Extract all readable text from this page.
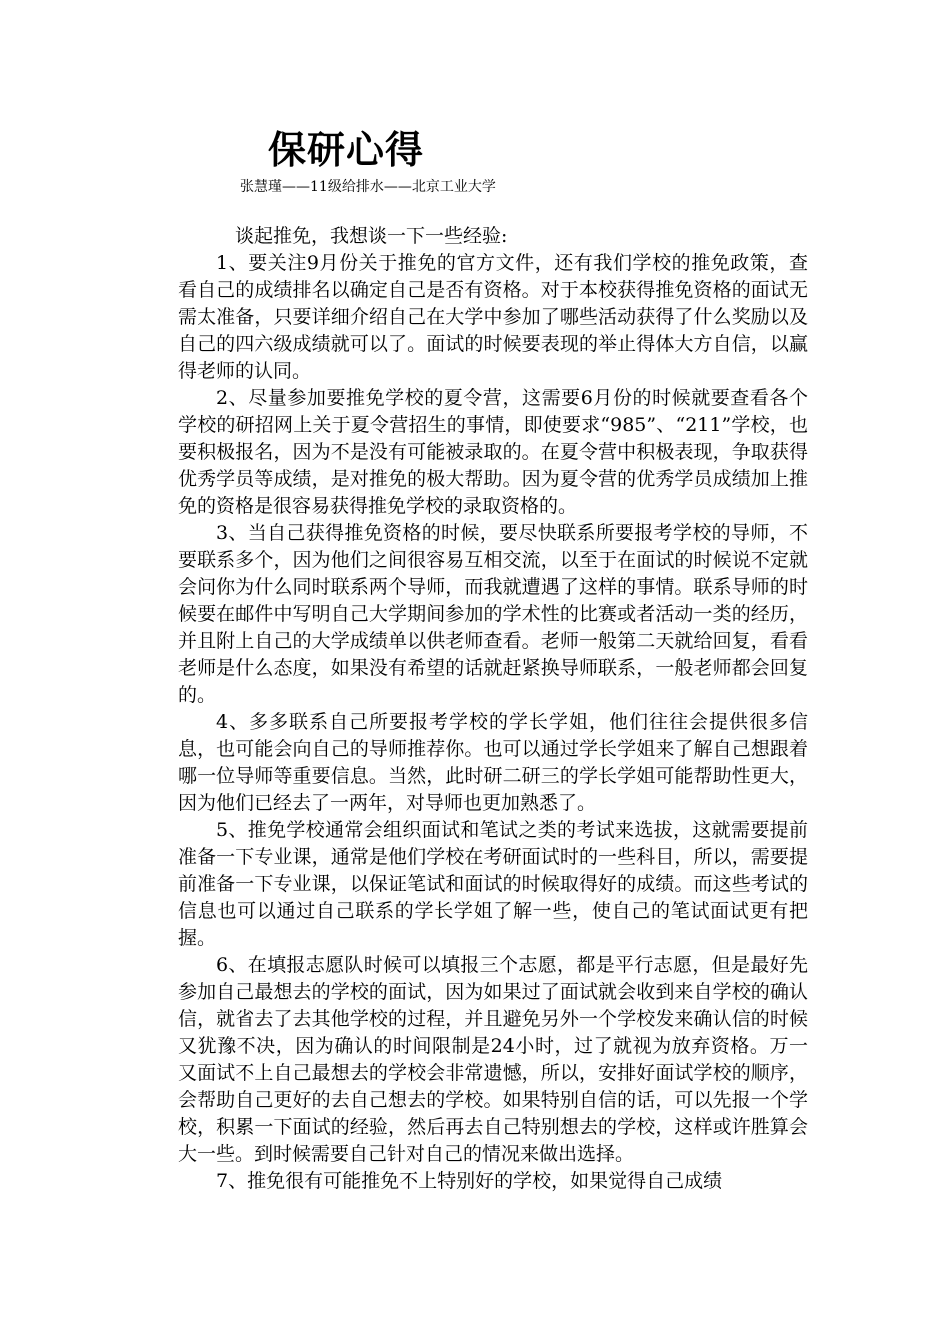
保研心得
张慧瑾——11级给排水——北京工业大学

谈起推免，我想谈一下一些经验:

1、要关注9月份关于推免的官方文件，还有我们学校的推免政策，查看自己的成绩排名以确定自己是否有资格。对于本校获得推免资格的面试无需太准备，只要详细介绍自己在大学中参加了哪些活动获得了什么奖励以及自己的四六级成绩就可以了。面试的时候要表现的举止得体大方自信，以赢得老师的认同。

2、尽量参加要推免学校的夏令营，这需要6月份的时候就要查看各个学校的研招网上关于夏令营招生的事情，即使要求“985”、“211”学校，也要积极报名，因为不是没有可能被录取的。在夏令营中积极表现，争取获得优秀学员等成绩，是对推免的极大帮助。因为夏令营的优秀学员成绩加上推免的资格是很容易获得推免学校的录取资格的。

3、当自己获得推免资格的时候，要尽快联系所要报考学校的导师，不要联系多个，因为他们之间很容易互相交流，以至于在面试的时候说不定就会问你为什么同时联系两个导师，而我就遭遇了这样的事情。联系导师的时候要在邮件中写明自己大学期间参加的学术性的比赛或者活动一类的经历，并且附上自己的大学成绩单以供老师查看。老师一般第二天就给回复，看看老师是什么态度，如果没有希望的话就赶紧换导师联系，一般老师都会回复的。

4、多多联系自己所要报考学校的学长学姐，他们往往会提供很多信息，也可能会向自己的导师推荐你。也可以通过学长学姐来了解自己想跟着哪一位导师等重要信息。当然，此时研二研三的学长学姐可能帮助性更大，因为他们已经去了一两年，对导师也更加熟悉了。

5、推免学校通常会组织面试和笔试之类的考试来选拔，这就需要提前准备一下专业课，通常是他们学校在考研面试时的一些科目，所以，需要提前准备一下专业课，以保证笔试和面试的时候取得好的成绩。而这些考试的信息也可以通过自己联系的学长学姐了解一些，使自己的笔试面试更有把握。

6、在填报志愿队时候可以填报三个志愿，都是平行志愿，但是最好先参加自己最想去的学校的面试，因为如果过了面试就会收到来自学校的确认信，就省去了去其他学校的过程，并且避免另外一个学校发来确认信的时候又犹豫不决，因为确认的时间限制是24小时，过了就视为放弃资格。万一又面试不上自己最想去的学校会非常遗憾，所以，安排好面试学校的顺序，会帮助自己更好的去自己想去的学校。如果特别自信的话，可以先报一个学校，积累一下面试的经验，然后再去自己特别想去的学校，这样或许胜算会大一些。到时候需要自己针对自己的情况来做出选择。

7、推免很有可能推免不上特别好的学校，如果觉得自己成绩
